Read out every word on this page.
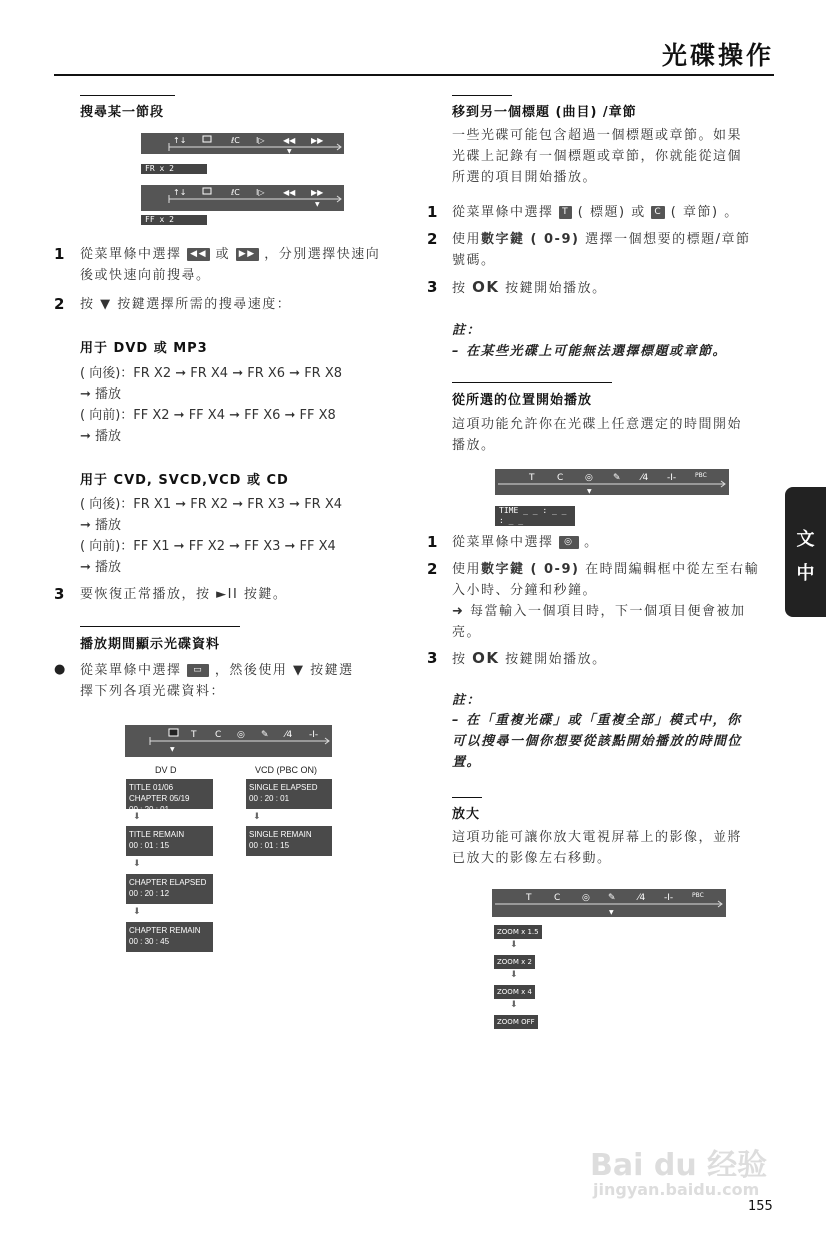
光碟操作
文
中
搜尋某一節段
↑↓	ℓC I▷ ◀◀ ▶▶
▼
FR x 2
↑↓	ℓC I▷ ◀◀ ▶▶
▼
FF x 2
1 從菜單條中選擇 ◀◀ 或 ▶▶ ，分別選擇快速向
後或快速向前搜尋。
2 按 ▼ 按鍵選擇所需的搜尋速度：
用于 DVD 或 MP3
( 向後)：FR X2 ➞ FR X4 ➞ FR X6 ➞ FR X8
➞ 播放
( 向前)：FF X2 ➞ FF X4 ➞ FF X6 ➞ FF X8
➞ 播放
用于 CVD, SVCD,VCD 或 CD
( 向後)：FR X1 ➞ FR X2 ➞ FR X3 ➞ FR X4
➞ 播放
( 向前)：FF X1 ➞ FF X2 ➞ FF X3 ➞ FF X4
➞ 播放
3 要恢復正常播放，按 ►II 按鍵。
播放期間顯示光碟資料
● 從菜單條中選擇 ▭ ，然後使用 ▼ 按鍵選
擇下列各項光碟資料：
T C ◎ ✎ ⁄4 -I-
▼
DV D	VCD (PBC ON)
TITLE 01/06 CHAPTER 05/19
00 : 20 : 01
⬇
TITLE REMAIN
00 : 01 : 15
⬇
CHAPTER ELAPSED
00 : 20 : 12
⬇
CHAPTER REMAIN
00 : 30 : 45
SINGLE ELAPSED
00 : 20 : 01
⬇
SINGLE REMAIN
00 : 01 : 15
移到另一個標題 (曲目) /章節
一些光碟可能包含超過一個標題或章節。如果
光碟上記錄有一個標題或章節，你就能從這個
所選的項目開始播放。
1 從菜單條中選擇 T ( 標題) 或 C ( 章節) 。
2 使用數字鍵 ( 0-9) 選擇一個想要的標題/章節
號碼。
3 按 OK 按鍵開始播放。
註：
– 在某些光碟上可能無法選擇標題或章節。
從所選的位置開始播放
這項功能允許你在光碟上任意選定的時間開始
播放。
T	C ◎ ✎ ⁄4 -I-
▼
PBC
TIME _ _ : _ _ : _ _
1 從菜單條中選擇 ◎ 。
2 使用數字鍵 ( 0-9) 在時間編輯框中從左至右輸
入小時、分鐘和秒鐘。
➜ 每當輸入一個項目時，下一個項目便會被加
亮。
3 按 OK 按鍵開始播放。
註：
– 在「重複光碟」或「重複全部」模式中，你
可以搜尋一個你想要從該點開始播放的時間位
置。
放大
這項功能可讓你放大電視屏幕上的影像，並將
已放大的影像左右移動。
T	C ◎ ✎ ⁄4 -I-
▼
PBC
ZOOM x 1.5
⬇
ZOOM x 2
⬇
ZOOM x 4
⬇
ZOOM OFF
Bai du 经验
jingyan.baidu.com
155
